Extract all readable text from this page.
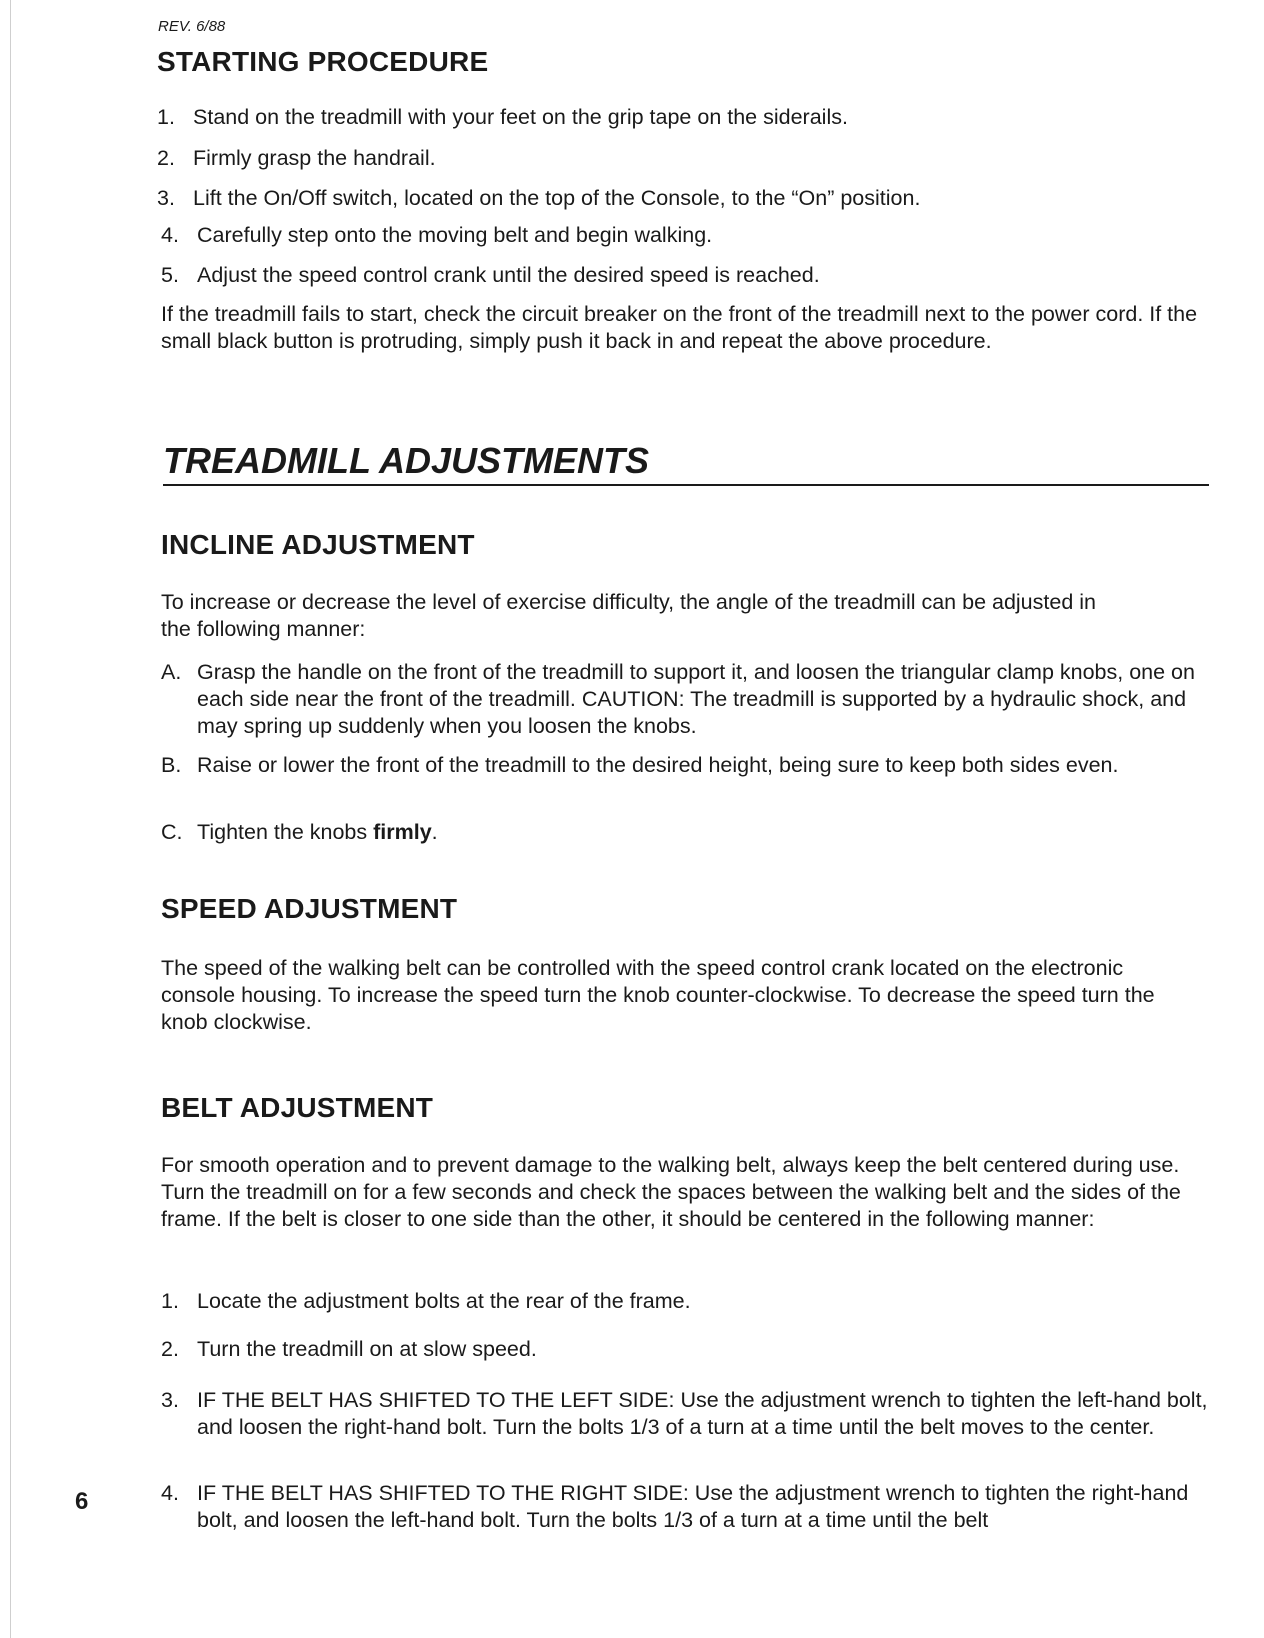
REV. 6/88
STARTING PROCEDURE
1. Stand on the treadmill with your feet on the grip tape on the siderails.
2. Firmly grasp the handrail.
3. Lift the On/Off switch, located on the top of the Console, to the “On” position.
4. Carefully step onto the moving belt and begin walking.
5. Adjust the speed control crank until the desired speed is reached.

If the treadmill fails to start, check the circuit breaker on the front of the treadmill next to the power cord. If the small black button is protruding, simply push it back in and repeat the above procedure.

TREADMILL ADJUSTMENTS
INCLINE ADJUSTMENT

To increase or decrease the level of exercise difficulty, the angle of the treadmill can be adjusted in the following manner:

A. Grasp the handle on the front of the treadmill to support it, and loosen the triangular clamp knobs, one on each side near the front of the treadmill. CAUTION: The treadmill is supported by a hydraulic shock, and may spring up suddenly when you loosen the knobs.
B. Raise or lower the front of the treadmill to the desired height, being sure to keep both sides even.
C. Tighten the knobs firmly.
SPEED ADJUSTMENT

The speed of the walking belt can be controlled with the speed control crank located on the electronic console housing. To increase the speed turn the knob counter-clockwise. To decrease the speed turn the knob clockwise.

BELT ADJUSTMENT

For smooth operation and to prevent damage to the walking belt, always keep the belt centered during use. Turn the treadmill on for a few seconds and check the spaces between the walking belt and the sides of the frame. If the belt is closer to one side than the other, it should be centered in the following manner:

1. Locate the adjustment bolts at the rear of the frame.
2. Turn the treadmill on at slow speed.
3. IF THE BELT HAS SHIFTED TO THE LEFT SIDE: Use the adjustment wrench to tighten the left-hand bolt, and loosen the right-hand bolt. Turn the bolts 1/3 of a turn at a time until the belt moves to the center.
4. IF THE BELT HAS SHIFTED TO THE RIGHT SIDE: Use the adjustment wrench to tighten the right-hand bolt, and loosen the left-hand bolt. Turn the bolts 1/3 of a turn at a time until the belt
6
